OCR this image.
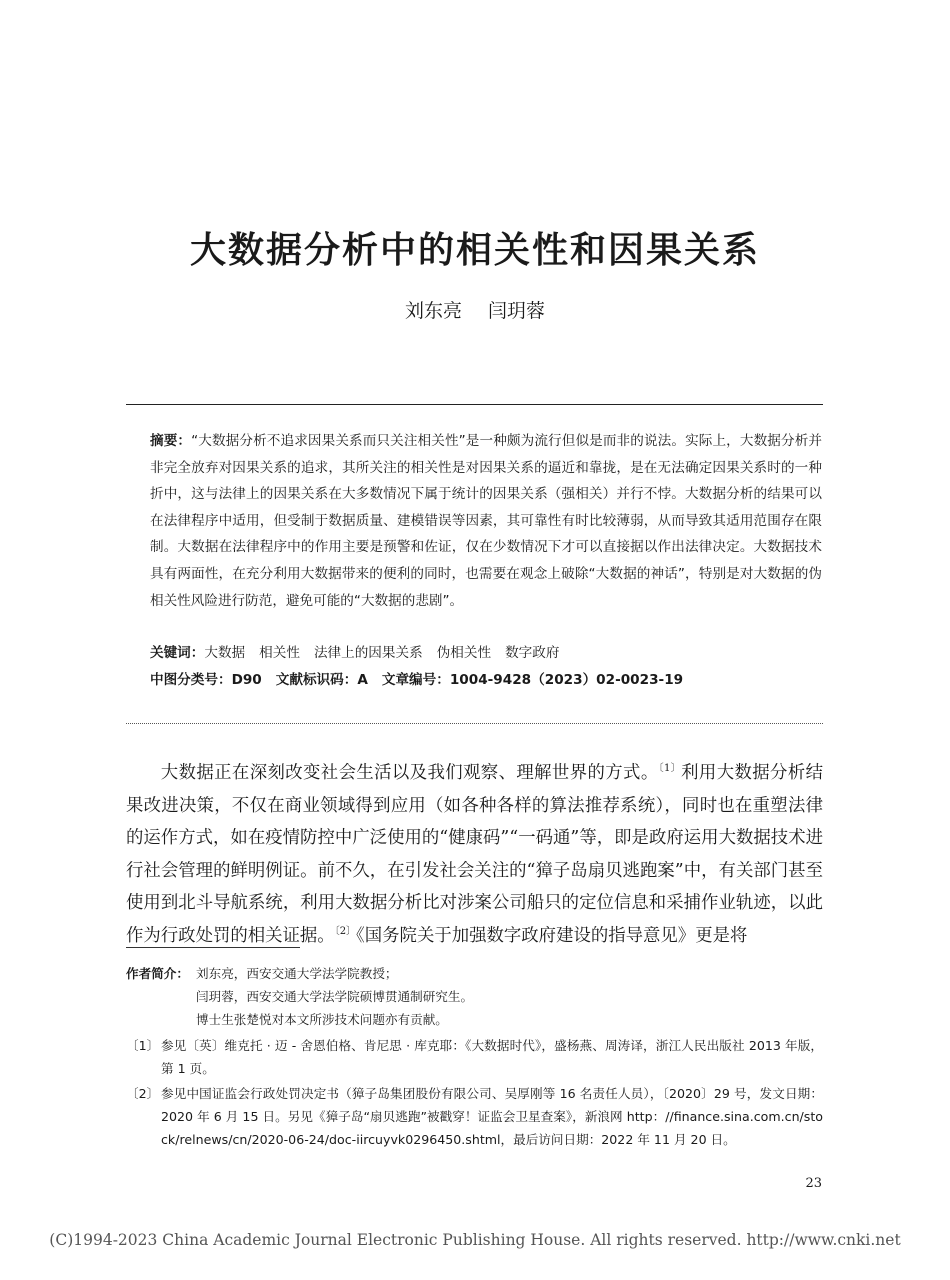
大数据分析中的相关性和因果关系
刘东亮 闫玥蓉
摘要：“大数据分析不追求因果关系而只关注相关性”是一种颇为流行但似是而非的说法。实际上，大数据分析并非完全放弃对因果关系的追求，其所关注的相关性是对因果关系的逼近和靠拢，是在无法确定因果关系时的一种折中，这与法律上的因果关系在大多数情况下属于统计的因果关系（强相关）并行不悖。大数据分析的结果可以在法律程序中适用，但受制于数据质量、建模错误等因素，其可靠性有时比较薄弱，从而导致其适用范围存在限制。大数据在法律程序中的作用主要是预警和佐证，仅在少数情况下才可以直接据以作出法律决定。大数据技术具有两面性，在充分利用大数据带来的便利的同时，也需要在观念上破除“大数据的神话”，特别是对大数据的伪相关性风险进行防范，避免可能的“大数据的悲剧”。
关键词：大数据 相关性 法律上的因果关系 伪相关性 数字政府
中图分类号：D90 文献标识码：A 文章编号：1004-9428（2023）02-0023-19
大数据正在深刻改变社会生活以及我们观察、理解世界的方式。$^{〔1〕}$利用大数据分析结果改进决策，不仅在商业领域得到应用（如各种各样的算法推荐系统），同时也在重塑法律的运作方式，如在疫情防控中广泛使用的“健康码”“一码通”等，即是政府运用大数据技术进行社会管理的鲜明例证。前不久，在引发社会关注的“獐子岛扇贝逃跑案”中，有关部门甚至使用到北斗导航系统，利用大数据分析比对涉案公司船只的定位信息和采捕作业轨迹，以此作为行政处罚的相关证据。$^{〔2〕}$《国务院关于加强数字政府建设的指导意见》更是将
作者简介： 刘东亮，西安交通大学法学院教授；
闫玥蓉，西安交通大学法学院硕博贯通制研究生。
博士生张楚悦对本文所涉技术问题亦有贡献。
〔1〕 参见〔英〕维克托 · 迈 - 舍恩伯格、肯尼思 · 库克耶：《大数据时代》，盛杨燕、周涛译，浙江人民出版社 2013 年版，第 1 页。
〔2〕 参见中国证监会行政处罚决定书（獐子岛集团股份有限公司、吴厚刚等 16 名责任人员），〔2020〕29 号，发文日期：2020 年 6 月 15 日。另见《獐子岛“扇贝逃跑”被戳穿！证监会卫星查案》，新浪网 http：//finance.sina.com.cn/stock/relnews/cn/2020-06-24/doc-iircuyvk0296450.shtml，最后访问日期：2022 年 11 月 20 日。
23
(C)1994-2023 China Academic Journal Electronic Publishing House. All rights reserved. http://www.cnki.net
